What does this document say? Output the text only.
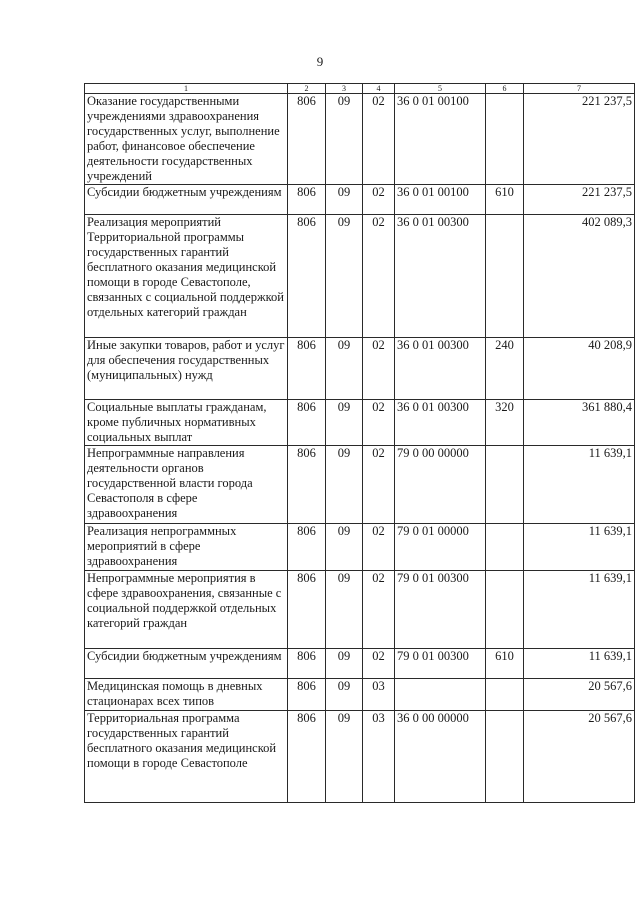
9
1	2	3	4	5	6	7
Оказание государственными учреждениями здравоохранения государственных услуг, выполнение работ, финансовое обеспечение деятельности государственных учреждений	806	09	02	36 0 01 00100		221 237,5
Субсидии бюджетным учреждениям	806	09	02	36 0 01 00100	610	221 237,5
Реализация мероприятий Территориальной программы государственных гарантий бесплатного оказания медицинской помощи в городе Севастополе, связанных с социальной поддержкой отдельных категорий граждан	806	09	02	36 0 01 00300		402 089,3
Иные закупки товаров, работ и услуг для обеспечения государственных (муниципальных) нужд	806	09	02	36 0 01 00300	240	40 208,9
Социальные выплаты гражданам, кроме публичных нормативных социальных выплат	806	09	02	36 0 01 00300	320	361 880,4
Непрограммные направления деятельности органов государственной власти города Севастополя в сфере здравоохранения	806	09	02	79 0 00 00000		11 639,1
Реализация непрограммных мероприятий в сфере здравоохранения	806	09	02	79 0 01 00000		11 639,1
Непрограммные мероприятия в сфере здравоохранения, связанные с социальной поддержкой отдельных категорий граждан	806	09	02	79 0 01 00300		11 639,1
Субсидии бюджетным учреждениям	806	09	02	79 0 01 00300	610	11 639,1
Медицинская помощь в дневных стационарах всех типов	806	09	03			20 567,6
Территориальная программа государственных гарантий бесплатного оказания медицинской помощи в городе Севастополе	806	09	03	36 0 00 00000		20 567,6
